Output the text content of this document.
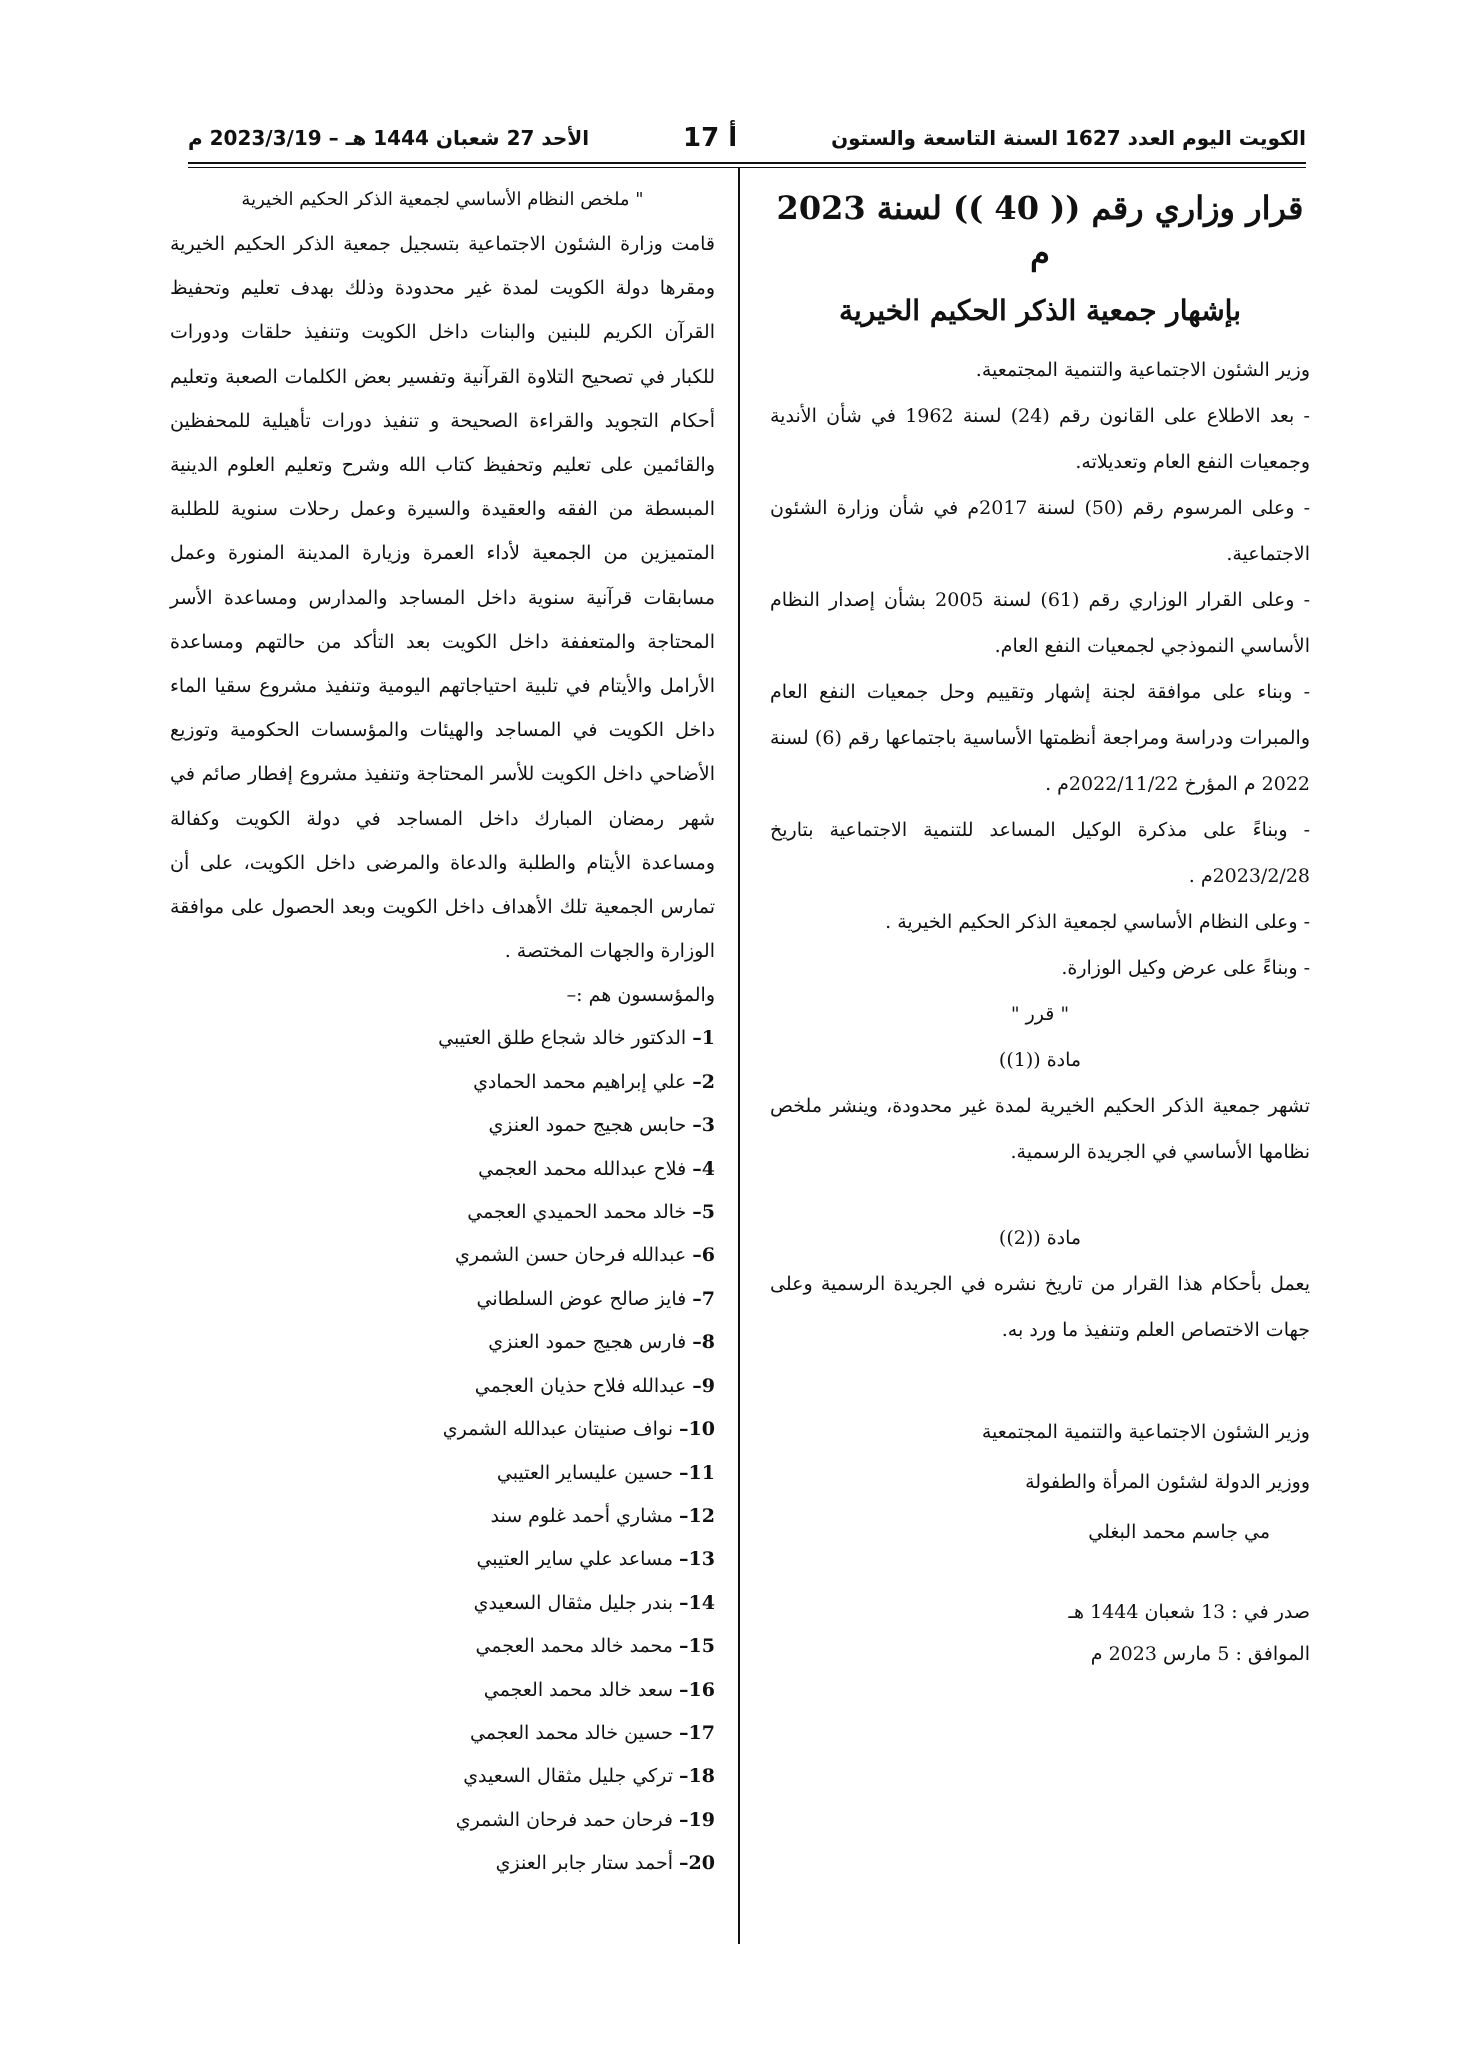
الكويت اليوم العدد 1627 السنة التاسعة والستون
أ 17
الأحد 27 شعبان 1444 هـ – 2023/3/19 م
قرار وزاري رقم (( 40 )) لسنة 2023 م
بإشهار جمعية الذكر الحكيم الخيرية

وزير الشئون الاجتماعية والتنمية المجتمعية.

- بعد الاطلاع على القانون رقم (24) لسنة 1962 في شأن الأندية وجمعيات النفع العام وتعديلاته.

- وعلى المرسوم رقم (50) لسنة 2017م في شأن وزارة الشئون الاجتماعية.

- وعلى القرار الوزاري رقم (61) لسنة 2005 بشأن إصدار النظام الأساسي النموذجي لجمعيات النفع العام.

- وبناء على موافقة لجنة إشهار وتقييم وحل جمعيات النفع العام والمبرات ودراسة ومراجعة أنظمتها الأساسية باجتماعها رقم (6) لسنة 2022 م المؤرخ 2022/11/22م .

- وبناءً على مذكرة الوكيل المساعد للتنمية الاجتماعية بتاريخ 2023/2/28م .

- وعلى النظام الأساسي لجمعية الذكر الحكيم الخيرية .

- وبناءً على عرض وكيل الوزارة.

" قرر "
مادة ((1))

تشهر جمعية الذكر الحكيم الخيرية لمدة غير محدودة، وينشر ملخص نظامها الأساسي في الجريدة الرسمية.

مادة ((2))

يعمل بأحكام هذا القرار من تاريخ نشره في الجريدة الرسمية وعلى جهات الاختصاص العلم وتنفيذ ما ورد به.

وزير الشئون الاجتماعية والتنمية المجتمعية
ووزير الدولة لشئون المرأة والطفولة
مي جاسم محمد البغلي
صدر في : 13 شعبان 1444 هـ
الموافق : 5 مارس 2023 م
" ملخص النظام الأساسي لجمعية الذكر الحكيم الخيرية

قامت وزارة الشئون الاجتماعية بتسجيل جمعية الذكر الحكيم الخيرية ومقرها دولة الكويت لمدة غير محدودة وذلك بهدف تعليم وتحفيظ القرآن الكريم للبنين والبنات داخل الكويت وتنفيذ حلقات ودورات للكبار في تصحيح التلاوة القرآنية وتفسير بعض الكلمات الصعبة وتعليم أحكام التجويد والقراءة الصحيحة و تنفيذ دورات تأهيلية للمحفظين والقائمين على تعليم وتحفيظ كتاب الله وشرح وتعليم العلوم الدينية المبسطة من الفقه والعقيدة والسيرة وعمل رحلات سنوية للطلبة المتميزين من الجمعية لأداء العمرة وزيارة المدينة المنورة وعمل مسابقات قرآنية سنوية داخل المساجد والمدارس ومساعدة الأسر المحتاجة والمتعففة داخل الكويت بعد التأكد من حالتهم ومساعدة الأرامل والأيتام في تلبية احتياجاتهم اليومية وتنفيذ مشروع سقيا الماء داخل الكويت في المساجد والهيئات والمؤسسات الحكومية وتوزيع الأضاحي داخل الكويت للأسر المحتاجة وتنفيذ مشروع إفطار صائم في شهر رمضان المبارك داخل المساجد في دولة الكويت وكفالة ومساعدة الأيتام والطلبة والدعاة والمرضى داخل الكويت، على أن تمارس الجمعية تلك الأهداف داخل الكويت وبعد الحصول على موافقة الوزارة والجهات المختصة .

والمؤسسون هم :–
1– الدكتور خالد شجاع طلق العتيبي
2– علي إبراهيم محمد الحمادي
3– حابس هجيج حمود العنزي
4– فلاح عبدالله محمد العجمي
5– خالد محمد الحميدي العجمي
6– عبدالله فرحان حسن الشمري
7– فايز صالح عوض السلطاني
8– فارس هجيج حمود العنزي
9– عبدالله فلاح حذيان العجمي
10– نواف صنيتان عبدالله الشمري
11– حسين عليساير العتيبي
12– مشاري أحمد غلوم سند
13– مساعد علي ساير العتيبي
14– بندر جليل مثقال السعيدي
15– محمد خالد محمد العجمي
16– سعد خالد محمد العجمي
17– حسين خالد محمد العجمي
18– تركي جليل مثقال السعيدي
19– فرحان حمد فرحان الشمري
20– أحمد ستار جابر العنزي
